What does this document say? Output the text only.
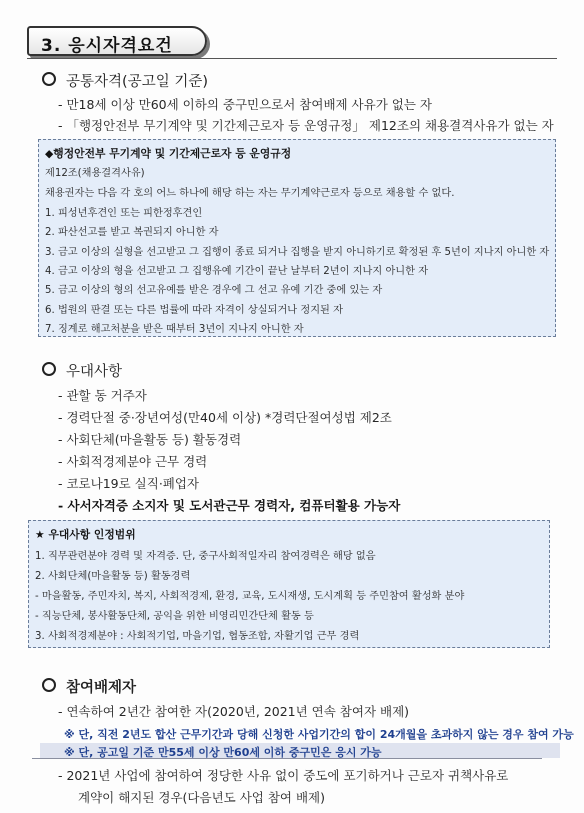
3. 응시자격요건
공통자격(공고일 기준)
- 만18세 이상 만60세 이하의 중구민으로서 참여배제 사유가 없는 자
- 「행정안전부 무기계약 및 기간제근로자 등 운영규정」 제12조의 채용결격사유가 없는 자
◆행정안전부 무기계약 및 기간제근로자 등 운영규정
제12조(채용결격사유)
채용권자는 다음 각 호의 어느 하나에 해당 하는 자는 무기계약근로자 등으로 채용할 수 없다.
1. 피성년후견인 또는 피한정후견인
2. 파산선고를 받고 복권되지 아니한 자
3. 금고 이상의 실형을 선고받고 그 집행이 종료 되거나 집행을 받지 아니하기로 확정된 후 5년이 지나지 아니한 자
4. 금고 이상의 형을 선고받고 그 집행유예 기간이 끝난 날부터 2년이 지나지 아니한 자
5. 금고 이상의 형의 선고유예를 받은 경우에 그 선고 유예 기간 중에 있는 자
6. 법원의 판결 또는 다른 법률에 따라 자격이 상실되거나 정지된 자
7. 징계로 해고처분을 받은 때부터 3년이 지나지 아니한 자
우대사항
- 관할 동 거주자
- 경력단절 중·장년여성(만40세 이상) *경력단절여성법 제2조
- 사회단체(마을활동 등) 활동경력
- 사회적경제분야 근무 경력
- 코로나19로 실직·폐업자
- 사서자격증 소지자 및 도서관근무 경력자, 컴퓨터활용 가능자
★ 우대사항 인정범위
1. 직무관련분야 경력 및 자격증. 단, 중구사회적일자리 참여경력은 해당 없음
2. 사회단체(마을활동 등) 활동경력
- 마을활동, 주민자치, 복지, 사회적경제, 환경, 교육, 도시재생, 도시계획 등 주민참여 활성화 분야
- 직능단체, 봉사활동단체, 공익을 위한 비영리민간단체 활동 등
3. 사회적경제분야 : 사회적기업, 마을기업, 협동조합, 자활기업 근무 경력
참여배제자
- 연속하여 2년간 참여한 자(2020년, 2021년 연속 참여자 배제)
※ 단, 직전 2년도 합산 근무기간과 당해 신청한 사업기간의 합이 24개월을 초과하지 않는 경우 참여 가능
※ 단, 공고일 기준 만55세 이상 만60세 이하 중구민은 응시 가능
- 2021년 사업에 참여하여 정당한 사유 없이 중도에 포기하거나 근로자 귀책사유로
계약이 해지된 경우(다음년도 사업 참여 배제)
